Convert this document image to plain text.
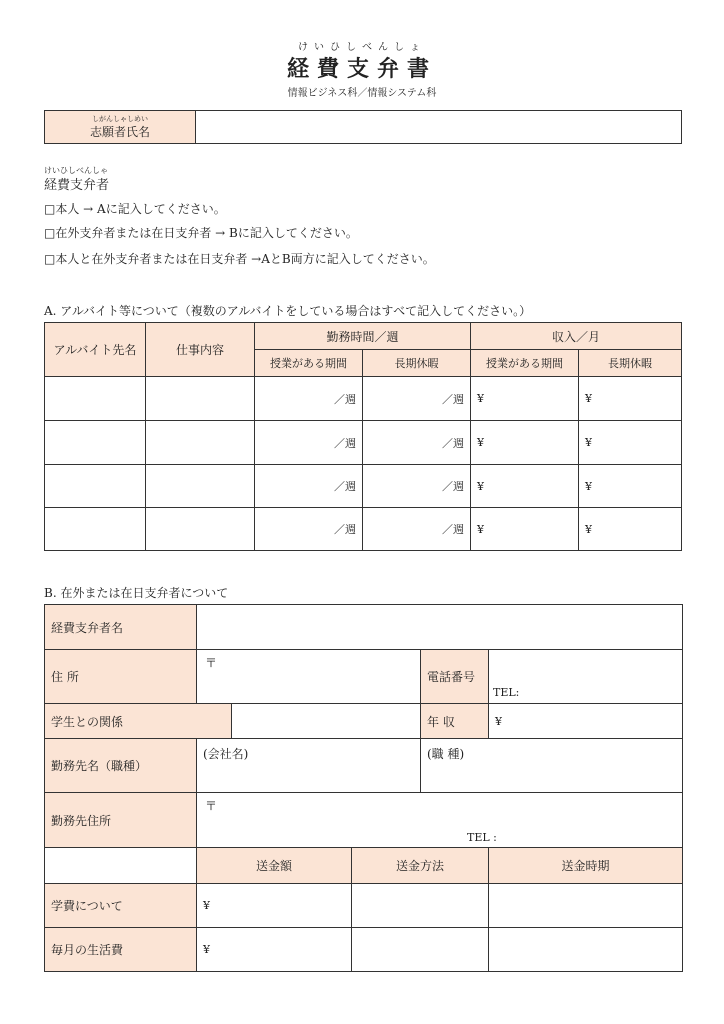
けいひしべんしょ
経費支弁書
情報ビジネス科／情報システム科
しがんしゃしめい
志願者氏名	
けいひしべんしゃ
経費支弁者
□本人 → Aに記入してください。
□在外支弁者または在日支弁者 → Bに記入してください。
□本人と在外支弁者または在日支弁者 →AとB両方に記入してください。
A. アルバイト等について（複数のアルバイトをしている場合はすべて記入してください。）
アルバイト先名	仕事内容	勤務時間／週		収入／月	
		授業がある期間	長期休暇	授業がある期間	長期休暇
		／週	／週	¥	¥
		／週	／週	¥	¥
		／週	／週	¥	¥
		／週	／週	¥	¥
B. 在外または在日支弁者について
経費支弁者名					
住 所	〒			電話番号	TEL:
学生との関係				年 収	¥
勤務先名（職種）	(会社名)			(職 種)	
勤務先住所	〒
TEL :				

	送金額		送金方法		送金時期
学費について	¥				
毎月の生活費	¥				
